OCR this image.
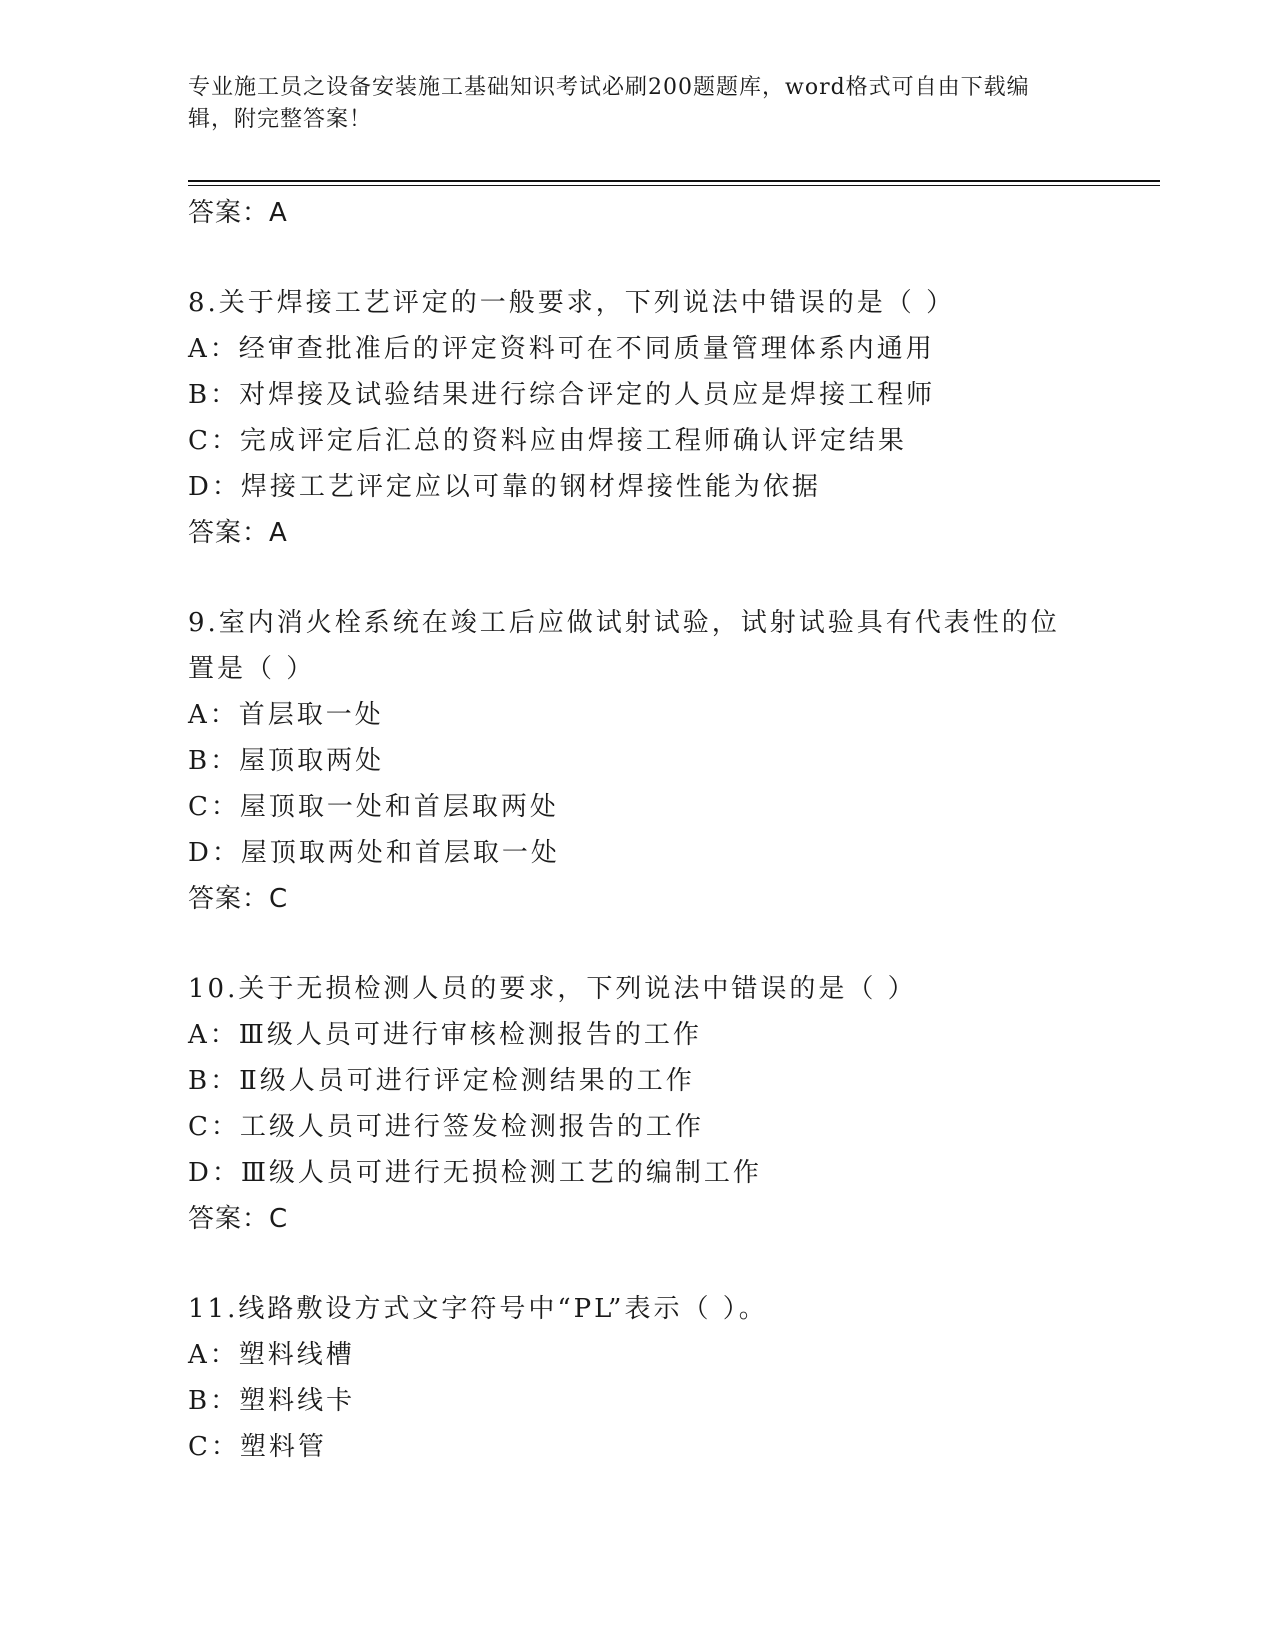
专业施工员之设备安装施工基础知识考试必刷200题题库，word格式可自由下载编辑，附完整答案！
答案：A
8.关于焊接工艺评定的一般要求，下列说法中错误的是（ ）
A：经审查批准后的评定资料可在不同质量管理体系内通用
B：对焊接及试验结果进行综合评定的人员应是焊接工程师
C：完成评定后汇总的资料应由焊接工程师确认评定结果
D：焊接工艺评定应以可靠的钢材焊接性能为依据
答案：A
9.室内消火栓系统在竣工后应做试射试验，试射试验具有代表性的位
置是（ ）
A：首层取一处
B：屋顶取两处
C：屋顶取一处和首层取两处
D：屋顶取两处和首层取一处
答案：C
10.关于无损检测人员的要求，下列说法中错误的是（ ）
A：Ⅲ级人员可进行审核检测报告的工作
B：Ⅱ级人员可进行评定检测结果的工作
C：工级人员可进行签发检测报告的工作
D：Ⅲ级人员可进行无损检测工艺的编制工作
答案：C
11.线路敷设方式文字符号中“PL”表示（ ）。
A：塑料线槽
B：塑料线卡
C：塑料管
